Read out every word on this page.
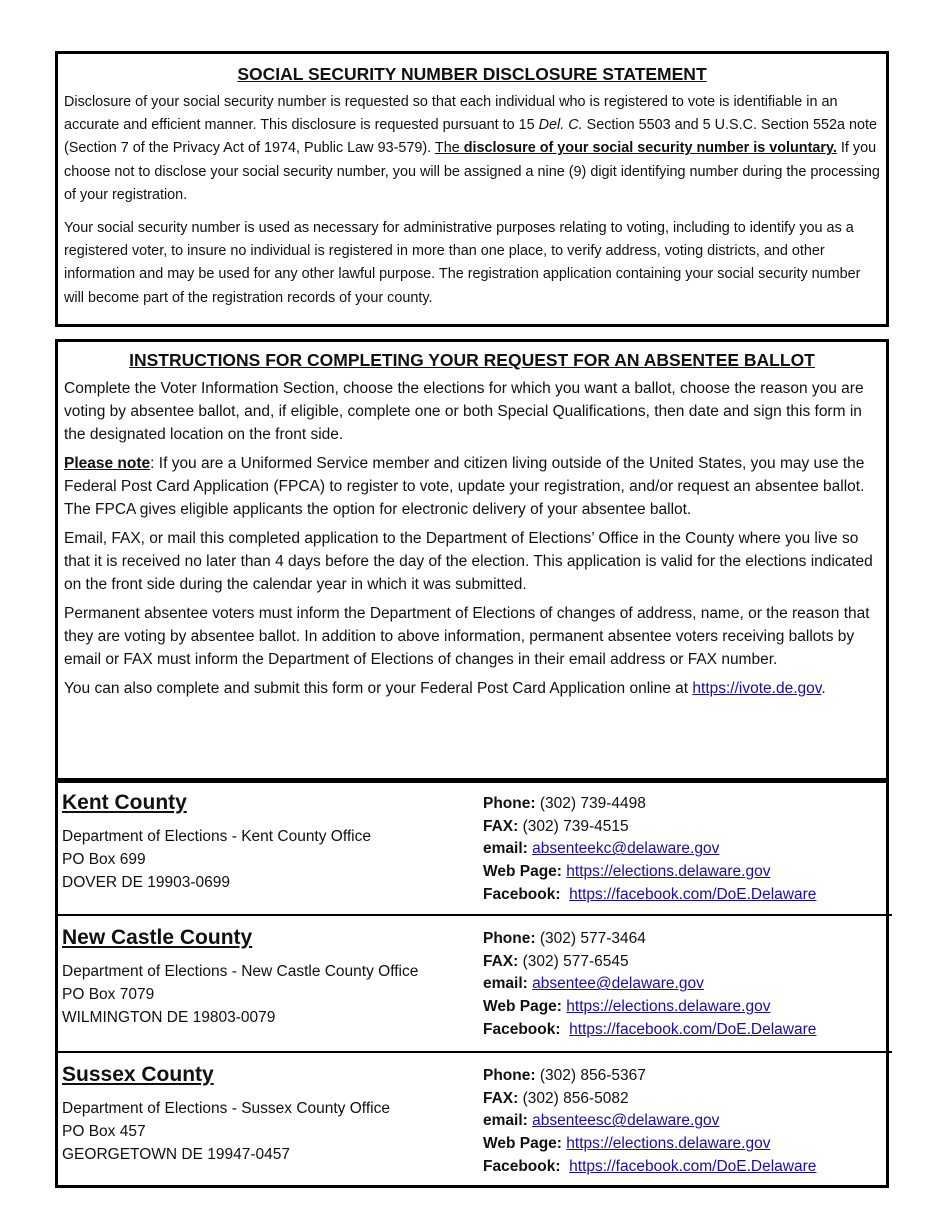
SOCIAL SECURITY NUMBER DISCLOSURE STATEMENT

Disclosure of your social security number is requested so that each individual who is registered to vote is identifiable in an accurate and efficient manner. This disclosure is requested pursuant to 15 Del. C. Section 5503 and 5 U.S.C. Section 552a note (Section 7 of the Privacy Act of 1974, Public Law 93-579). The disclosure of your social security number is voluntary. If you choose not to disclose your social security number, you will be assigned a nine (9) digit identifying number during the processing of your registration.

Your social security number is used as necessary for administrative purposes relating to voting, including to identify you as a registered voter, to insure no individual is registered in more than one place, to verify address, voting districts, and other information and may be used for any other lawful purpose. The registration application containing your social security number will become part of the registration records of your county.

INSTRUCTIONS FOR COMPLETING YOUR REQUEST FOR AN ABSENTEE BALLOT

Complete the Voter Information Section, choose the elections for which you want a ballot, choose the reason you are voting by absentee ballot, and, if eligible, complete one or both Special Qualifications, then date and sign this form in the designated location on the front side.

Please note: If you are a Uniformed Service member and citizen living outside of the United States, you may use the Federal Post Card Application (FPCA) to register to vote, update your registration, and/or request an absentee ballot. The FPCA gives eligible applicants the option for electronic delivery of your absentee ballot.

Email, FAX, or mail this completed application to the Department of Elections’ Office in the County where you live so that it is received no later than 4 days before the day of the election. This application is valid for the elections indicated on the front side during the calendar year in which it was submitted.

Permanent absentee voters must inform the Department of Elections of changes of address, name, or the reason that they are voting by absentee ballot. In addition to above information, permanent absentee voters receiving ballots by email or FAX must inform the Department of Elections of changes in their email address or FAX number.

You can also complete and submit this form or your Federal Post Card Application online at https://ivote.de.gov.

Kent County
Department of Elections - Kent County Office
PO Box 699
DOVER DE 19903-0699
Phone: (302) 739-4498
FAX: (302) 739-4515
email: absenteekc@delaware.gov
Web Page: https://elections.delaware.gov
Facebook: https://facebook.com/DoE.Delaware
New Castle County
Department of Elections - New Castle County Office
PO Box 7079
WILMINGTON DE 19803-0079
Phone: (302) 577-3464
FAX: (302) 577-6545
email: absentee@delaware.gov
Web Page: https://elections.delaware.gov
Facebook: https://facebook.com/DoE.Delaware
Sussex County
Department of Elections - Sussex County Office
PO Box 457
GEORGETOWN DE 19947-0457
Phone: (302) 856-5367
FAX: (302) 856-5082
email: absenteesc@delaware.gov
Web Page: https://elections.delaware.gov
Facebook: https://facebook.com/DoE.Delaware
